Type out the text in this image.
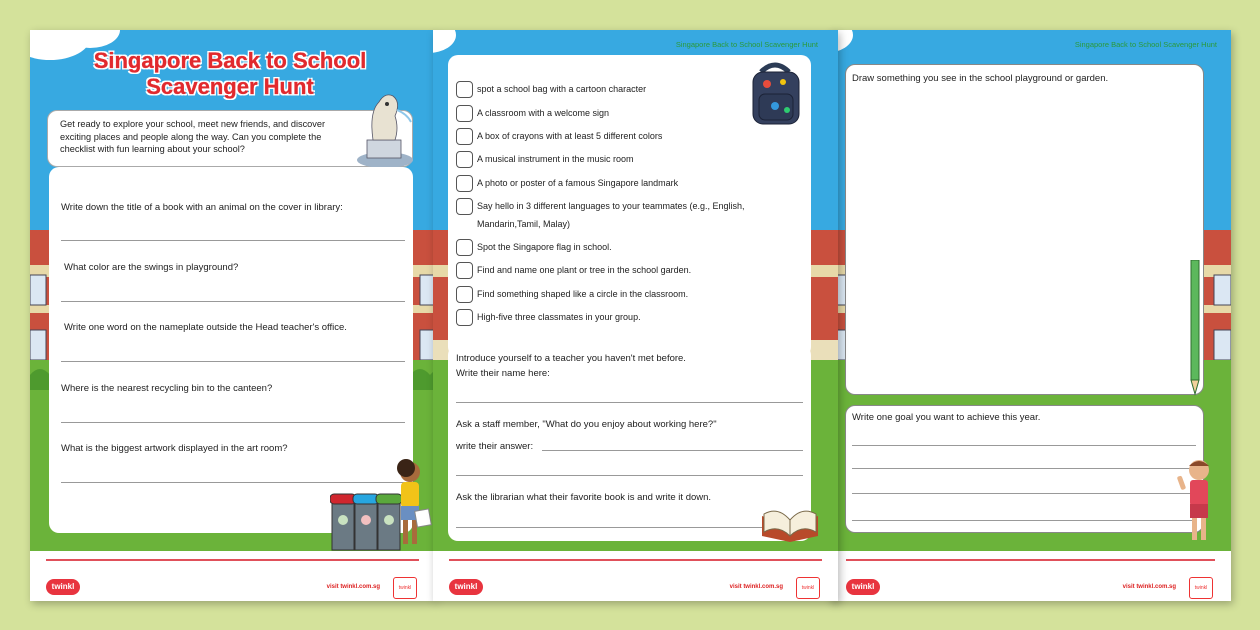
Singapore Back to School
Scavenger Hunt
Get ready to explore your school, meet new friends, and discover exciting places and people along the way. Can you complete the checklist with fun learning about your school?
Write down the title of a book with an animal on the cover in library:
What color are the swings in playground?
Write one word on the nameplate outside the Head teacher's office.
Where is the nearest recycling bin to the canteen?
What is the biggest artwork displayed in the art room?
twinkl	visit twinkl.com.sg	twinkl
Singapore Back to School Scavenger Hunt
spot a school bag with a cartoon character
A classroom with a welcome sign
A box of crayons with at least 5 different colors
A musical instrument in the music room
A photo or poster of a famous Singapore landmark
Say hello in 3 different languages to your teammates (e.g., English,
Mandarin,Tamil, Malay)
Spot the Singapore flag in school.
Find and name one plant or tree in the school garden.
Find something shaped like a circle in the classroom.
High-five three classmates in your group.
Introduce yourself to a teacher you haven't met before.
Write their name here:
Ask a staff member, "What do you enjoy about working here?"
write their answer:
Ask the librarian what their favorite book is and write it down.
twinkl	visit twinkl.com.sg	twinkl
Singapore Back to School Scavenger Hunt
Draw something you see in the school playground or garden.
Write one goal you want to achieve this year.
twinkl	visit twinkl.com.sg	twinkl
